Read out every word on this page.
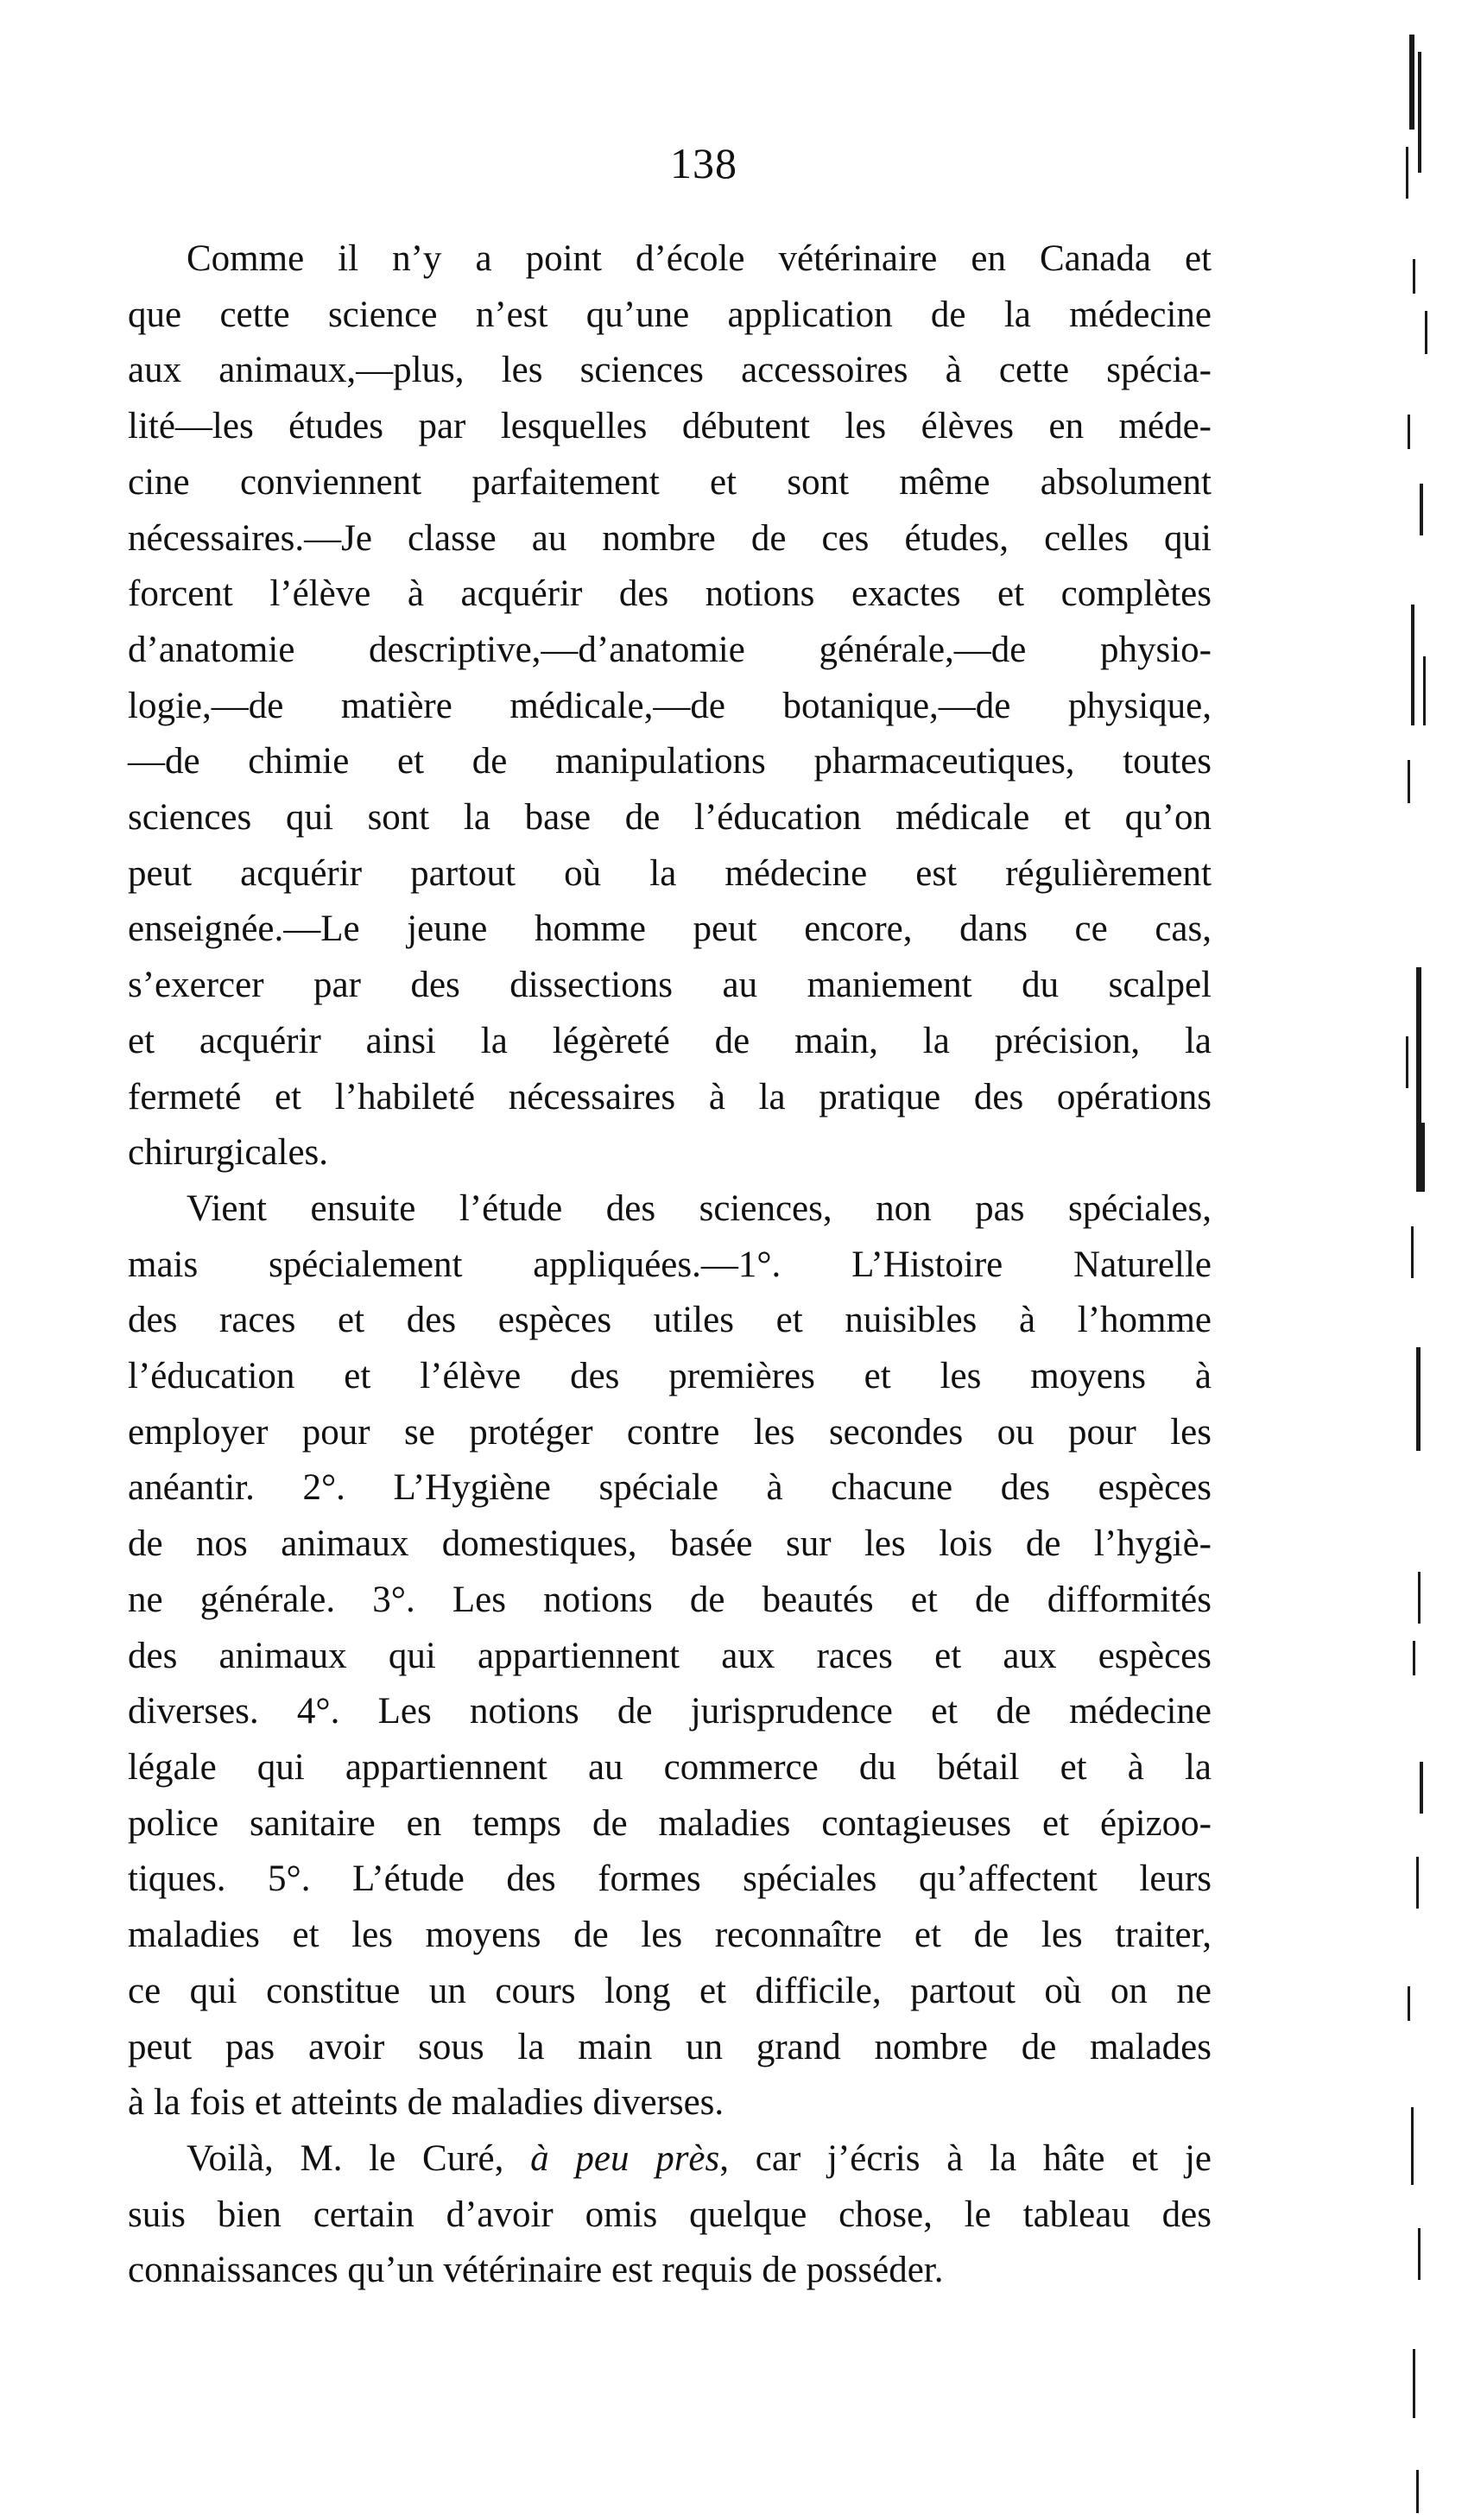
138

Comme il n’y a point d’école vétérinaire en Canada et
que cette science n’est qu’une application de la médecine
aux animaux,—plus, les sciences accessoires à cette spécia-
lité—les études par lesquelles débutent les élèves en méde-
cine conviennent parfaitement et sont même absolument
nécessaires.—Je classe au nombre de ces études, celles qui
forcent l’élève à acquérir des notions exactes et complètes
d’anatomie descriptive,—d’anatomie générale,—de physio-
logie,—de matière médicale,—de botanique,—de physique,
—de chimie et de manipulations pharmaceutiques, toutes
sciences qui sont la base de l’éducation médicale et qu’on
peut acquérir partout où la médecine est régulièrement
enseignée.—Le jeune homme peut encore, dans ce cas,
s’exercer par des dissections au maniement du scalpel
et acquérir ainsi la légèreté de main, la précision, la
fermeté et l’habileté nécessaires à la pratique des opérations
chirurgicales.

Vient ensuite l’étude des sciences, non pas spéciales,
mais spécialement appliquées.—1°. L’Histoire Naturelle
des races et des espèces utiles et nuisibles à l’homme
l’éducation et l’élève des premières et les moyens à
employer pour se protéger contre les secondes ou pour les
anéantir. 2°. L’Hygiène spéciale à chacune des espèces
de nos animaux domestiques, basée sur les lois de l’hygiè-
ne générale. 3°. Les notions de beautés et de difformités
des animaux qui appartiennent aux races et aux espèces
diverses. 4°. Les notions de jurisprudence et de médecine
légale qui appartiennent au commerce du bétail et à la
police sanitaire en temps de maladies contagieuses et épizoo-
tiques. 5°. L’étude des formes spéciales qu’affectent leurs
maladies et les moyens de les reconnaître et de les traiter,
ce qui constitue un cours long et difficile, partout où on ne
peut pas avoir sous la main un grand nombre de malades
à la fois et atteints de maladies diverses.

Voilà, M. le Curé, à peu près, car j’écris à la hâte et je
suis bien certain d’avoir omis quelque chose, le tableau des
connaissances qu’un vétérinaire est requis de posséder.
